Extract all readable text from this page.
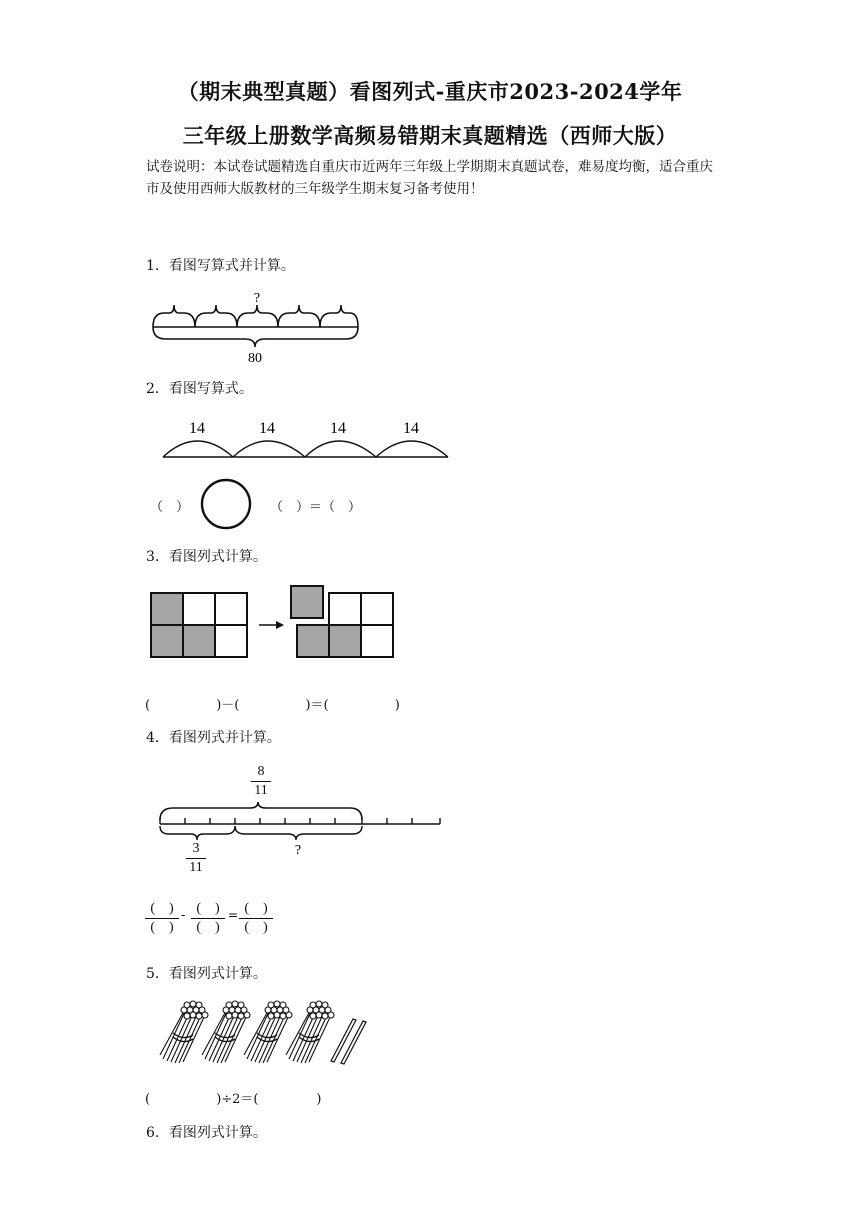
（期末典型真题）看图列式-重庆市2023-2024学年
三年级上册数学高频易错期末真题精选（西师大版）
试卷说明：本试卷试题精选自重庆市近两年三年级上学期期末真题试卷，难易度均衡，适合重庆市及使用西师大版教材的三年级学生期末复习备考使用！
1．看图写算式并计算。
?
80
2．看图写算式。
14	14	14	14
（　）	（　）＝（　）
3．看图列式计算。
(                )－(                )＝(                )
4．看图列式并计算。
8
11
?
3
11
(　)
(　)
- (　)
(　)
= (　)
(　)
5．看图列式计算。
(                )÷2＝(              )
6．看图列式计算。
